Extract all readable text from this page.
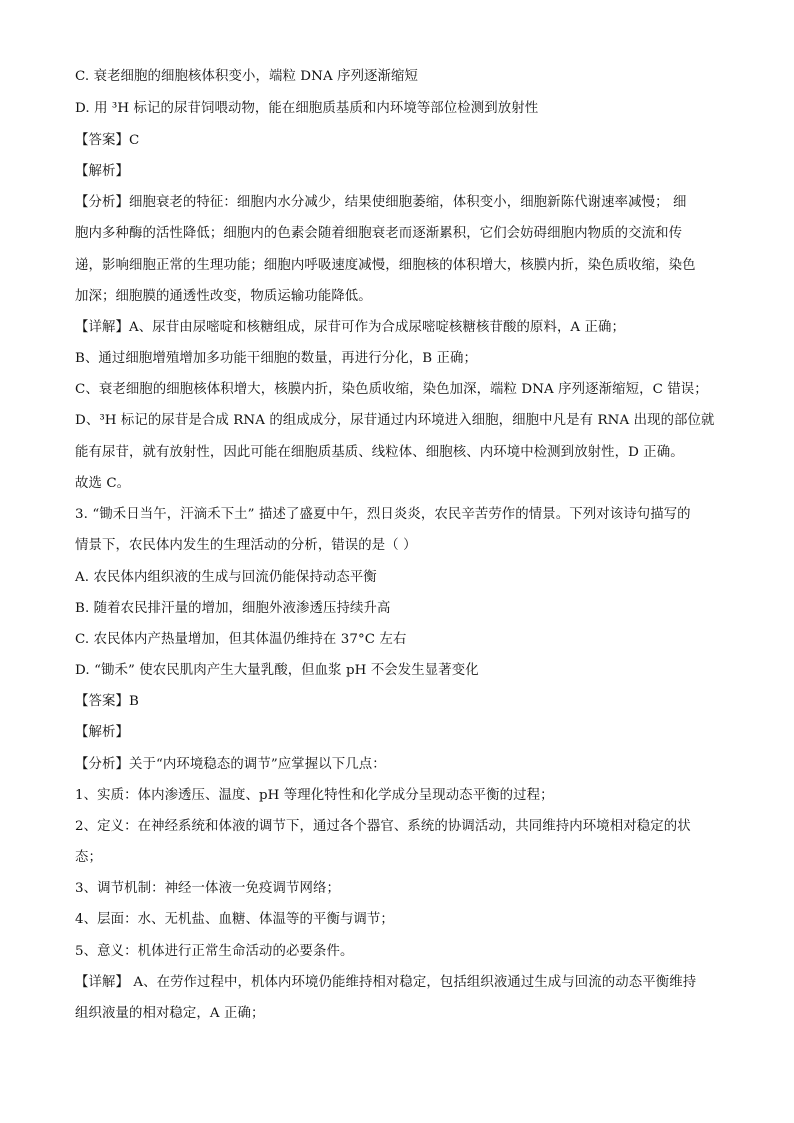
C. 衰老细胞的细胞核体积变小，端粒 DNA 序列逐渐缩短
D. 用 ³H 标记的尿苷饲喂动物，能在细胞质基质和内环境等部位检测到放射性
【答案】C
【解析】
【分析】细胞衰老的特征：细胞内水分减少，结果使细胞萎缩，体积变小，细胞新陈代谢速率减慢； 细
胞内多种酶的活性降低；细胞内的色素会随着细胞衰老而逐渐累积，它们会妨碍细胞内物质的交流和传
递，影响细胞正常的生理功能；细胞内呼吸速度减慢，细胞核的体积增大，核膜内折，染色质收缩，染色
加深；细胞膜的通透性改变，物质运输功能降低。
【详解】A、尿苷由尿嘧啶和核糖组成，尿苷可作为合成尿嘧啶核糖核苷酸的原料，A 正确；
B、通过细胞增殖增加多功能干细胞的数量，再进行分化，B 正确；
C、衰老细胞的细胞核体积增大，核膜内折，染色质收缩，染色加深，端粒 DNA 序列逐渐缩短，C 错误；
D、³H 标记的尿苷是合成 RNA 的组成成分，尿苷通过内环境进入细胞，细胞中凡是有 RNA 出现的部位就
能有尿苷，就有放射性，因此可能在细胞质基质、线粒体、细胞核、内环境中检测到放射性，D 正确。
故选 C。
3. “锄禾日当午，汗滴禾下土” 描述了盛夏中午，烈日炎炎，农民辛苦劳作的情景。下列对该诗句描写的
情景下，农民体内发生的生理活动的分析，错误的是（ ）
A. 农民体内组织液的生成与回流仍能保持动态平衡
B. 随着农民排汗量的增加，细胞外液渗透压持续升高
C. 农民体内产热量增加，但其体温仍维持在 37°C 左右
D. “锄禾” 使农民肌肉产生大量乳酸，但血浆 pH 不会发生显著变化
【答案】B
【解析】
【分析】关于“内环境稳态的调节”应掌握以下几点：
1、实质：体内渗透压、温度、pH 等理化特性和化学成分呈现动态平衡的过程；
2、定义：在神经系统和体液的调节下，通过各个器官、系统的协调活动，共同维持内环境相对稳定的状
态；
3、调节机制：神经一体液一免疫调节网络；
4、层面：水、无机盐、血糖、体温等的平衡与调节；
5、意义：机体进行正常生命活动的必要条件。
【详解】 A、在劳作过程中，机体内环境仍能维持相对稳定，包括组织液通过生成与回流的动态平衡维持
组织液量的相对稳定，A 正确；
